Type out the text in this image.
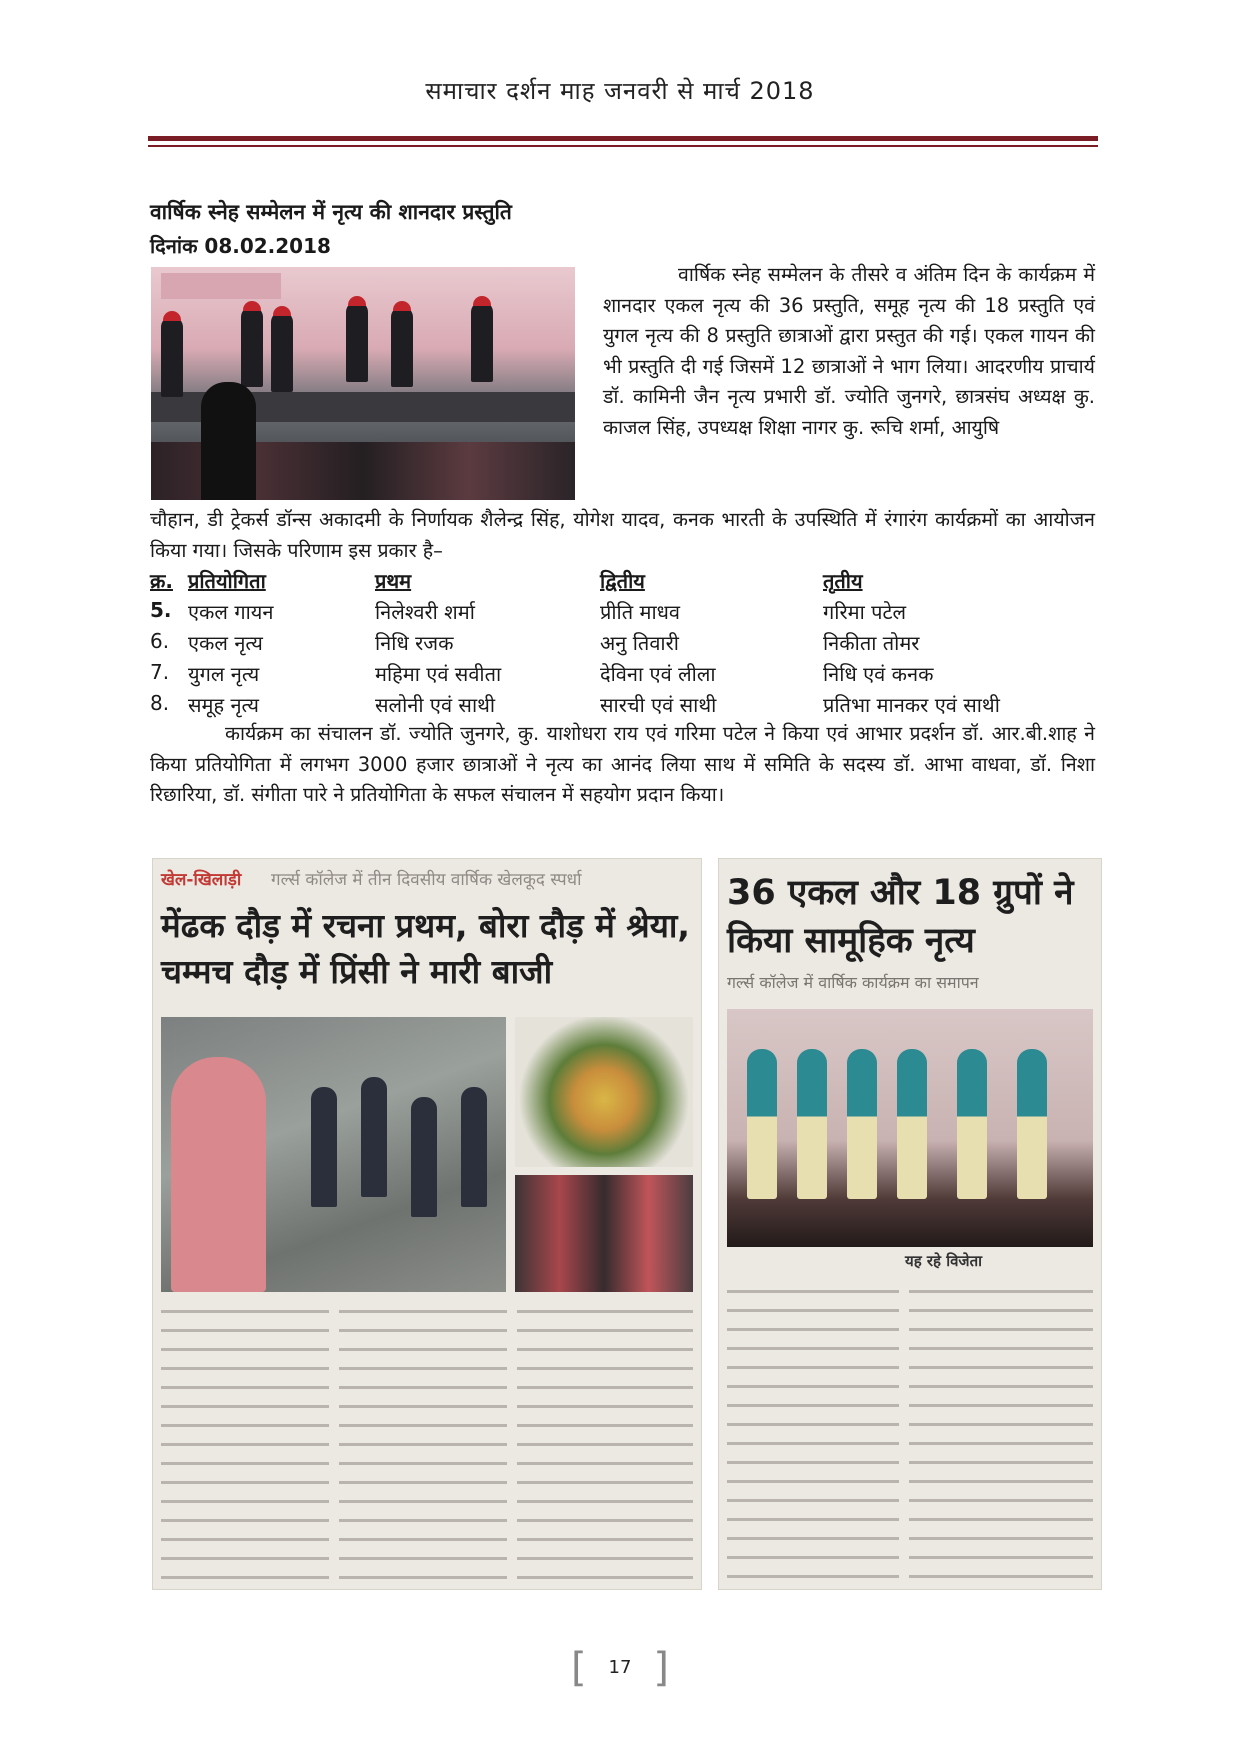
समाचार दर्शन माह जनवरी से मार्च 2018
वार्षिक स्नेह सम्मेलन में नृत्य की शानदार प्रस्तुति
दिनांक 08.02.2018

वार्षिक स्नेह सम्मेलन के तीसरे व अंतिम दिन के कार्यक्रम में शानदार एकल नृत्य की 36 प्रस्तुति, समूह नृत्य की 18 प्रस्तुति एवं युगल नृत्य की 8 प्रस्तुति छात्राओं द्वारा प्रस्तुत की गई। एकल गायन की भी प्रस्तुति दी गई जिसमें 12 छात्राओं ने भाग लिया। आदरणीय प्राचार्य डॉ. कामिनी जैन नृत्य प्रभारी डॉ. ज्योति जुनगरे, छात्रसंघ अध्यक्ष कु. काजल सिंह, उपध्यक्ष शिक्षा नागर कु. रूचि शर्मा, आयुषि

चौहान, डी ट्रेकर्स डॉन्स अकादमी के निर्णायक शैलेन्द्र सिंह, योगेश यादव, कनक भारती के उपस्थिति में रंगारंग कार्यक्रमों का आयोजन किया गया। जिसके परिणाम इस प्रकार है–

क्र. प्रतियोगिता	प्रथम	द्वितीय	तृतीय
5. एकल गायन	निलेश्वरी शर्मा	प्रीति माधव	गरिमा पटेल
6. एकल नृत्य	निधि रजक	अनु तिवारी	निकीता तोमर
7. युगल नृत्य	महिमा एवं सवीता	देविना एवं लीला	निधि एवं कनक
8. समूह नृत्य	सलोनी एवं साथी	सारची एवं साथी	प्रतिभा मानकर एवं साथी

कार्यक्रम का संचालन डॉ. ज्योति जुनगरे, कु. याशोधरा राय एवं गरिमा पटेल ने किया एवं आभार प्रदर्शन डॉ. आर.बी.शाह ने किया प्रतियोगिता में लगभग 3000 हजार छात्राओं ने नृत्य का आनंद लिया साथ में समिति के सदस्य डॉ. आभा वाधवा, डॉ. निशा रिछारिया, डॉ. संगीता पारे ने प्रतियोगिता के सफल संचालन में सहयोग प्रदान किया।

खेल-खिलाड़ी गर्ल्स कॉलेज में तीन दिवसीय वार्षिक खेलकूद स्पर्धा
मेंढक दौड़ में रचना प्रथम, बोरा दौड़ में श्रेया, चम्मच दौड़ में प्रिंसी ने मारी बाजी
36 एकल और 18 ग्रुपों ने किया सामूहिक नृत्य
गर्ल्स कॉलेज में वार्षिक कार्यक्रम का समापन
यह रहे विजेता
[	17 ]
